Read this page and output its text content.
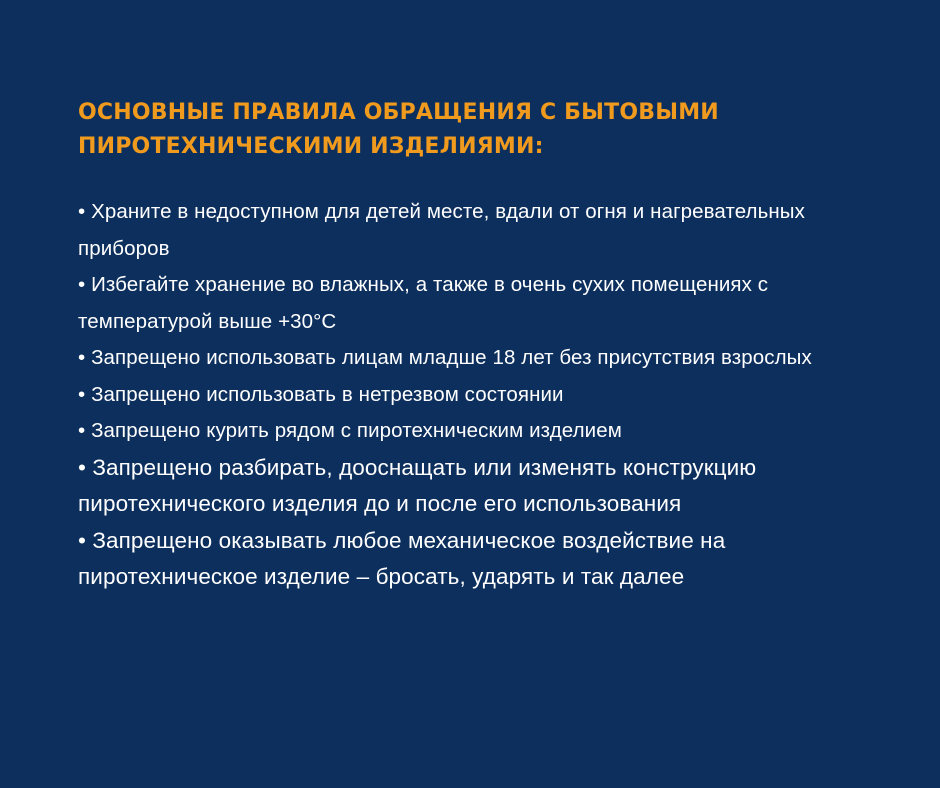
ОСНОВНЫЕ ПРАВИЛА ОБРАЩЕНИЯ С БЫТОВЫМИ ПИРОТЕХНИЧЕСКИМИ ИЗДЕЛИЯМИ:
• Храните в недоступном для детей месте, вдали от огня и нагревательных приборов
• Избегайте хранение во влажных, а также в очень сухих помещениях с температурой выше +30°C
• Запрещено использовать лицам младше 18 лет без присутствия взрослых
• Запрещено использовать в нетрезвом состоянии
• Запрещено курить рядом с пиротехническим изделием
• Запрещено разбирать, дооснащать или изменять конструкцию пиротехнического изделия до и после его использования
• Запрещено оказывать любое механическое воздействие на пиротехническое изделие – бросать, ударять и так далее
